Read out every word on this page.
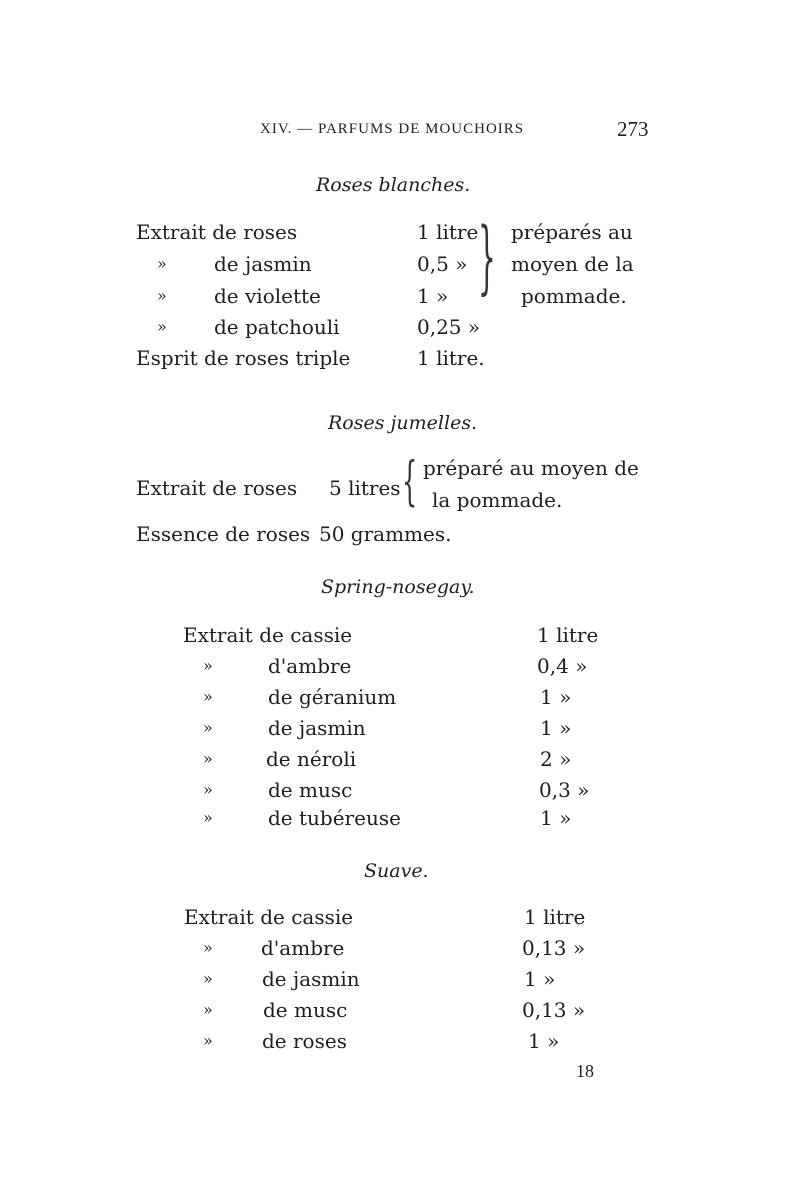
XIV. — PARFUMS DE MOUCHOIRS	273
Roses blanches.
Extrait de roses	1 litre
» de jasmin	0,5 »
» de violette	1 »
» de patchouli	0,25 »
Esprit de roses triple	1 litre.
} préparés au
moyen de la
pommade.
Roses jumelles.
Extrait de roses 5 litres { préparé au moyen de
la pommade.
Essence de roses 50 grammes.
Spring-nosegay.
Extrait de cassie	1 litre
»	d'ambre	0,4 »
»	de géranium	1 »
»	de jasmin	1 »
»	de néroli	2 »
»	de musc	0,3 »
»	de tubéreuse	1 »
Suave.
Extrait de cassie	1 litre
» d'ambre	0,13 »
» de jasmin	1 »
»	de musc	0,13 »
» de roses	1 »
18
